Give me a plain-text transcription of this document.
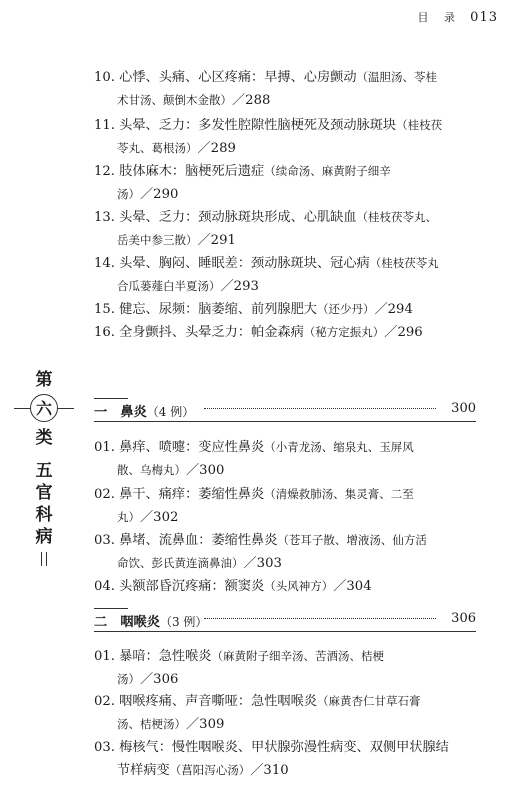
目 录 013
10. 心悸、头痛、心区疼痛：早搏、心房颤动（温胆汤、苓桂
术甘汤、颠倒木金散）／288
11. 头晕、乏力：多发性腔隙性脑梗死及颈动脉斑块（桂枝茯
苓丸、葛根汤）／289
12. 肢体麻木：脑梗死后遗症（续命汤、麻黄附子细辛
汤）／290
13. 头晕、乏力：颈动脉斑块形成、心肌缺血（桂枝茯苓丸、
岳美中参三散）／291
14. 头晕、胸闷、睡眠差：颈动脉斑块、冠心病（桂枝茯苓丸
合瓜蒌薤白半夏汤）／293
15. 健忘、尿频：脑萎缩、前列腺肥大（还少丹）／294
16. 全身颤抖、头晕乏力：帕金森病（秘方定振丸）／296
第
六
类
五
官
科
病
一　鼻炎（4 例）	300
01. 鼻痒、喷嚏：变应性鼻炎（小青龙汤、缩泉丸、玉屏风
散、乌梅丸）／300
02. 鼻干、痛痒：萎缩性鼻炎（清燥救肺汤、集灵膏、二至
丸）／302
03. 鼻堵、流鼻血：萎缩性鼻炎（苍耳子散、增液汤、仙方活
命饮、彭氏黄连滴鼻油）／303
04. 头额部昏沉疼痛：额窦炎（头风神方）／304
二　咽喉炎（3 例）	306
01. 暴喑：急性喉炎（麻黄附子细辛汤、苦酒汤、桔梗
汤）／306
02. 咽喉疼痛、声音嘶哑：急性咽喉炎（麻黄杏仁甘草石膏
汤、桔梗汤）／309
03. 梅核气：慢性咽喉炎、甲状腺弥漫性病变、双侧甲状腺结
节样病变（菖阳泻心汤）／310
